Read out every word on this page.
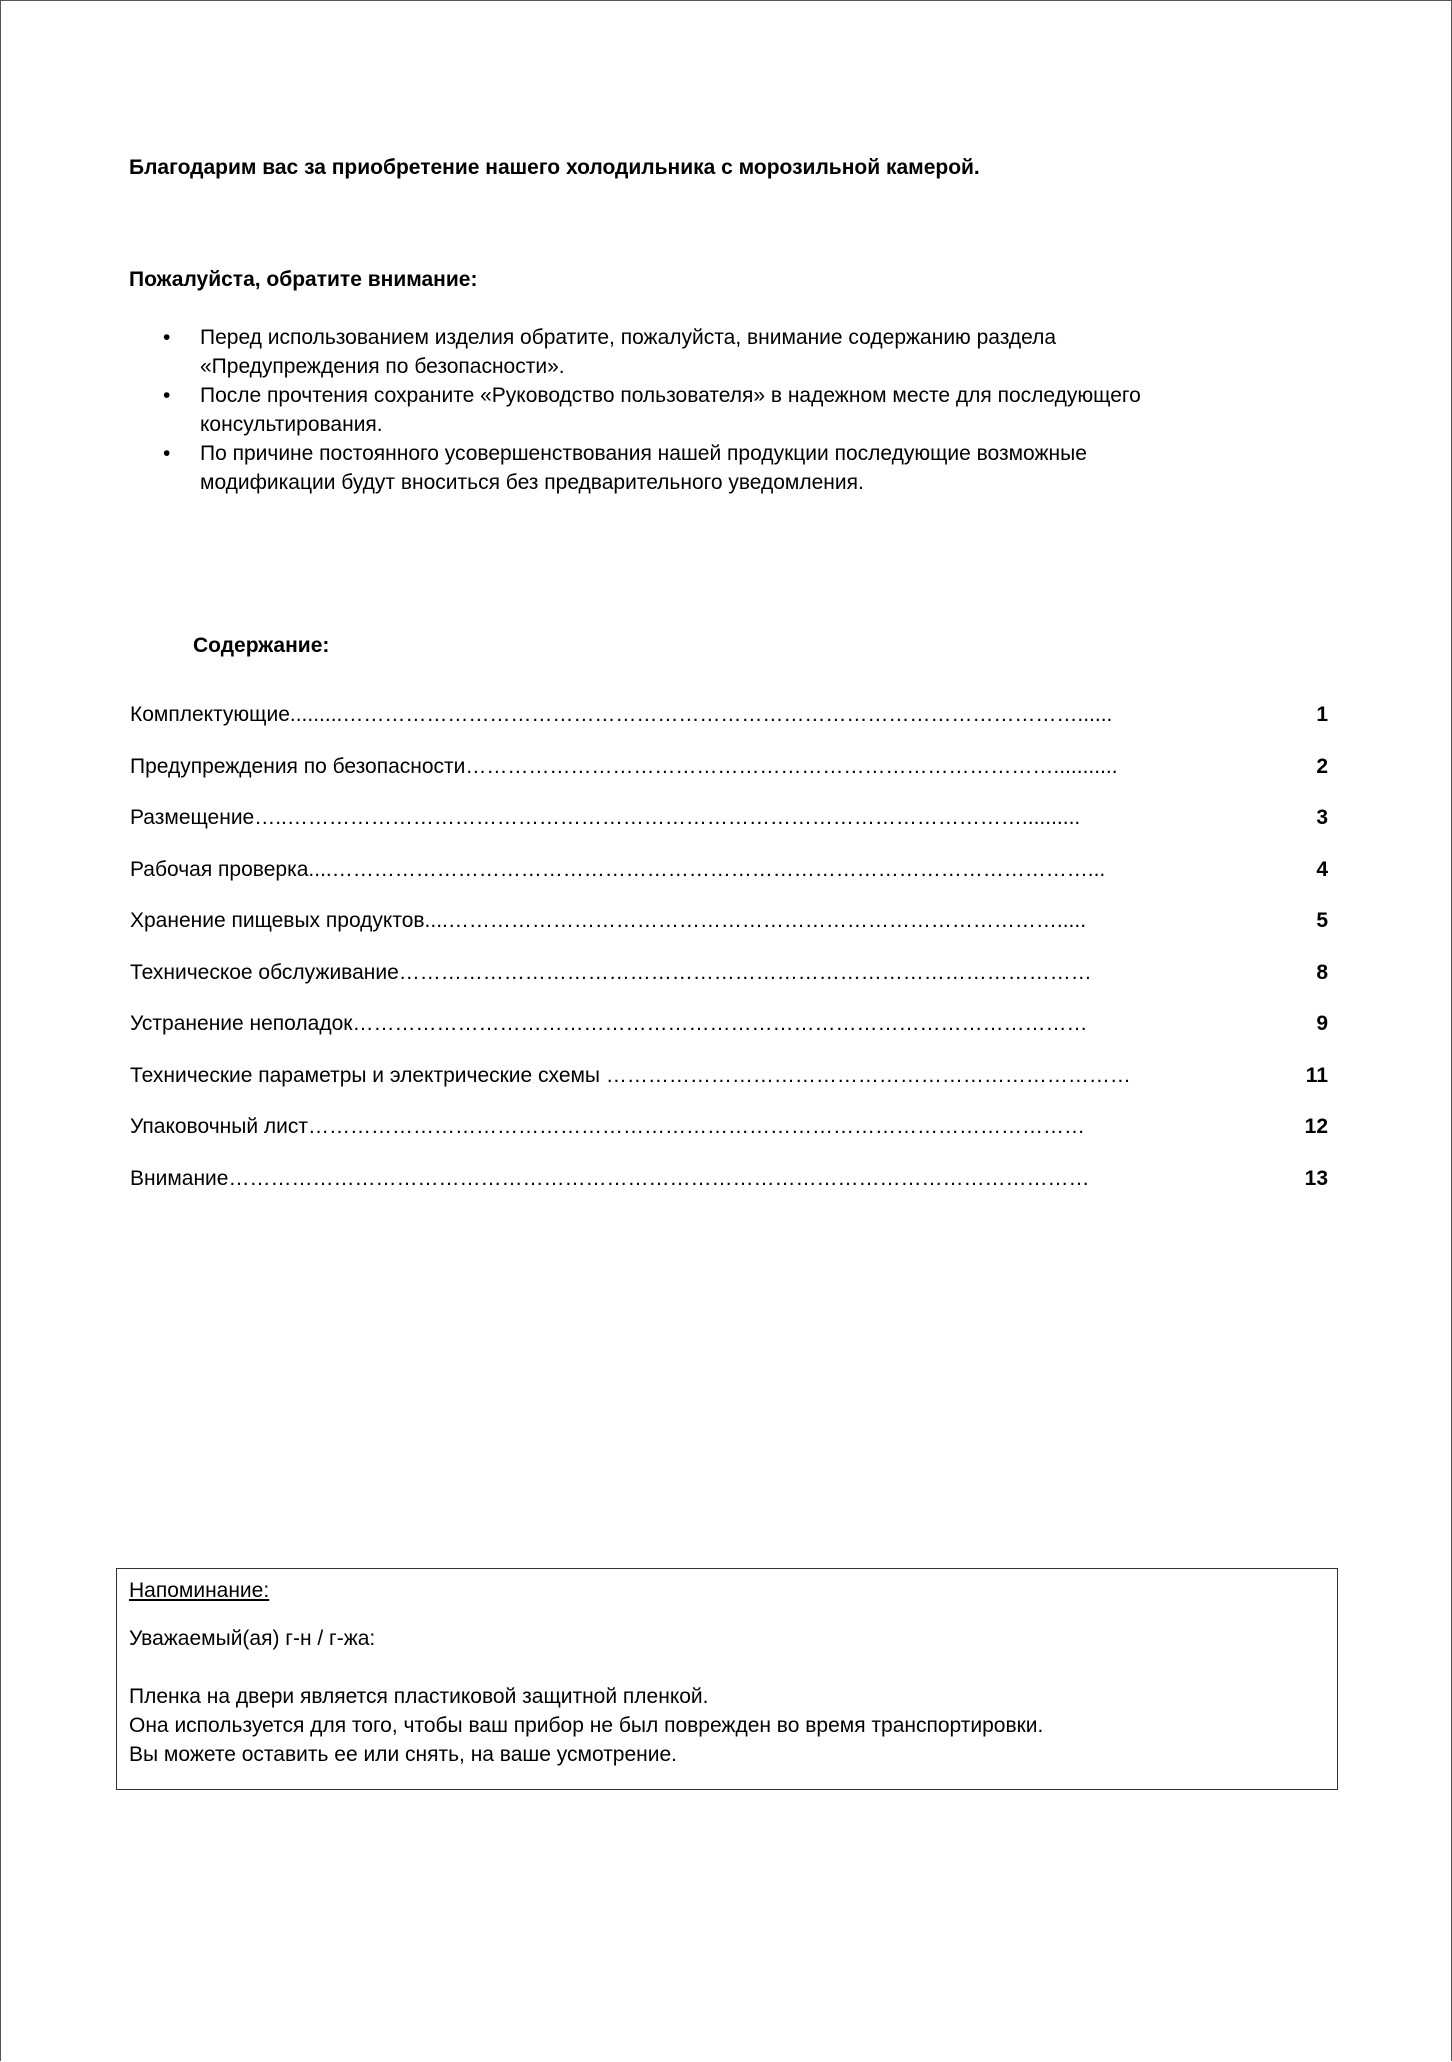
Благодарим вас за приобретение нашего холодильника с морозильной камерой.
Пожалуйста, обратите внимание:
• Перед использованием изделия обратите, пожалуйста, внимание содержанию раздела
«Предупреждения по безопасности».
• После прочтения сохраните «Руководство пользователя» в надежном месте для последующего
консультирования.
• По причине постоянного усовершенствования нашей продукции последующие возможные
модификации будут вноситься без предварительного уведомления.
Содержание:
Комплектующие.........……………………………………………………………………………………………......	1
Предупреждения по безопасности…………………………………………………………………………...........	2
Размещение…..……………………………………………………………………………………………..........	3
Рабочая проверка....………………………………………………………………………………………………...	4
Хранение пищевых продуктов....…………………………………………………………………………….....	5
Техническое обслуживание………………………………………………………………………………………	8
Устранение неполадок……………………………………………………………………………………………	9
Технические параметры и электрические схемы …………………………………………………………………	11
Упаковочный лист…………………………………………………………………………………………………	12
Внимание……………………………………………………………………………………………………………	13
Напоминание:
Уважаемый(ая) г-н / г-жа:
Пленка на двери является пластиковой защитной пленкой.
Она используется для того, чтобы ваш прибор не был поврежден во время транспортировки.
Вы можете оставить ее или снять, на ваше усмотрение.
